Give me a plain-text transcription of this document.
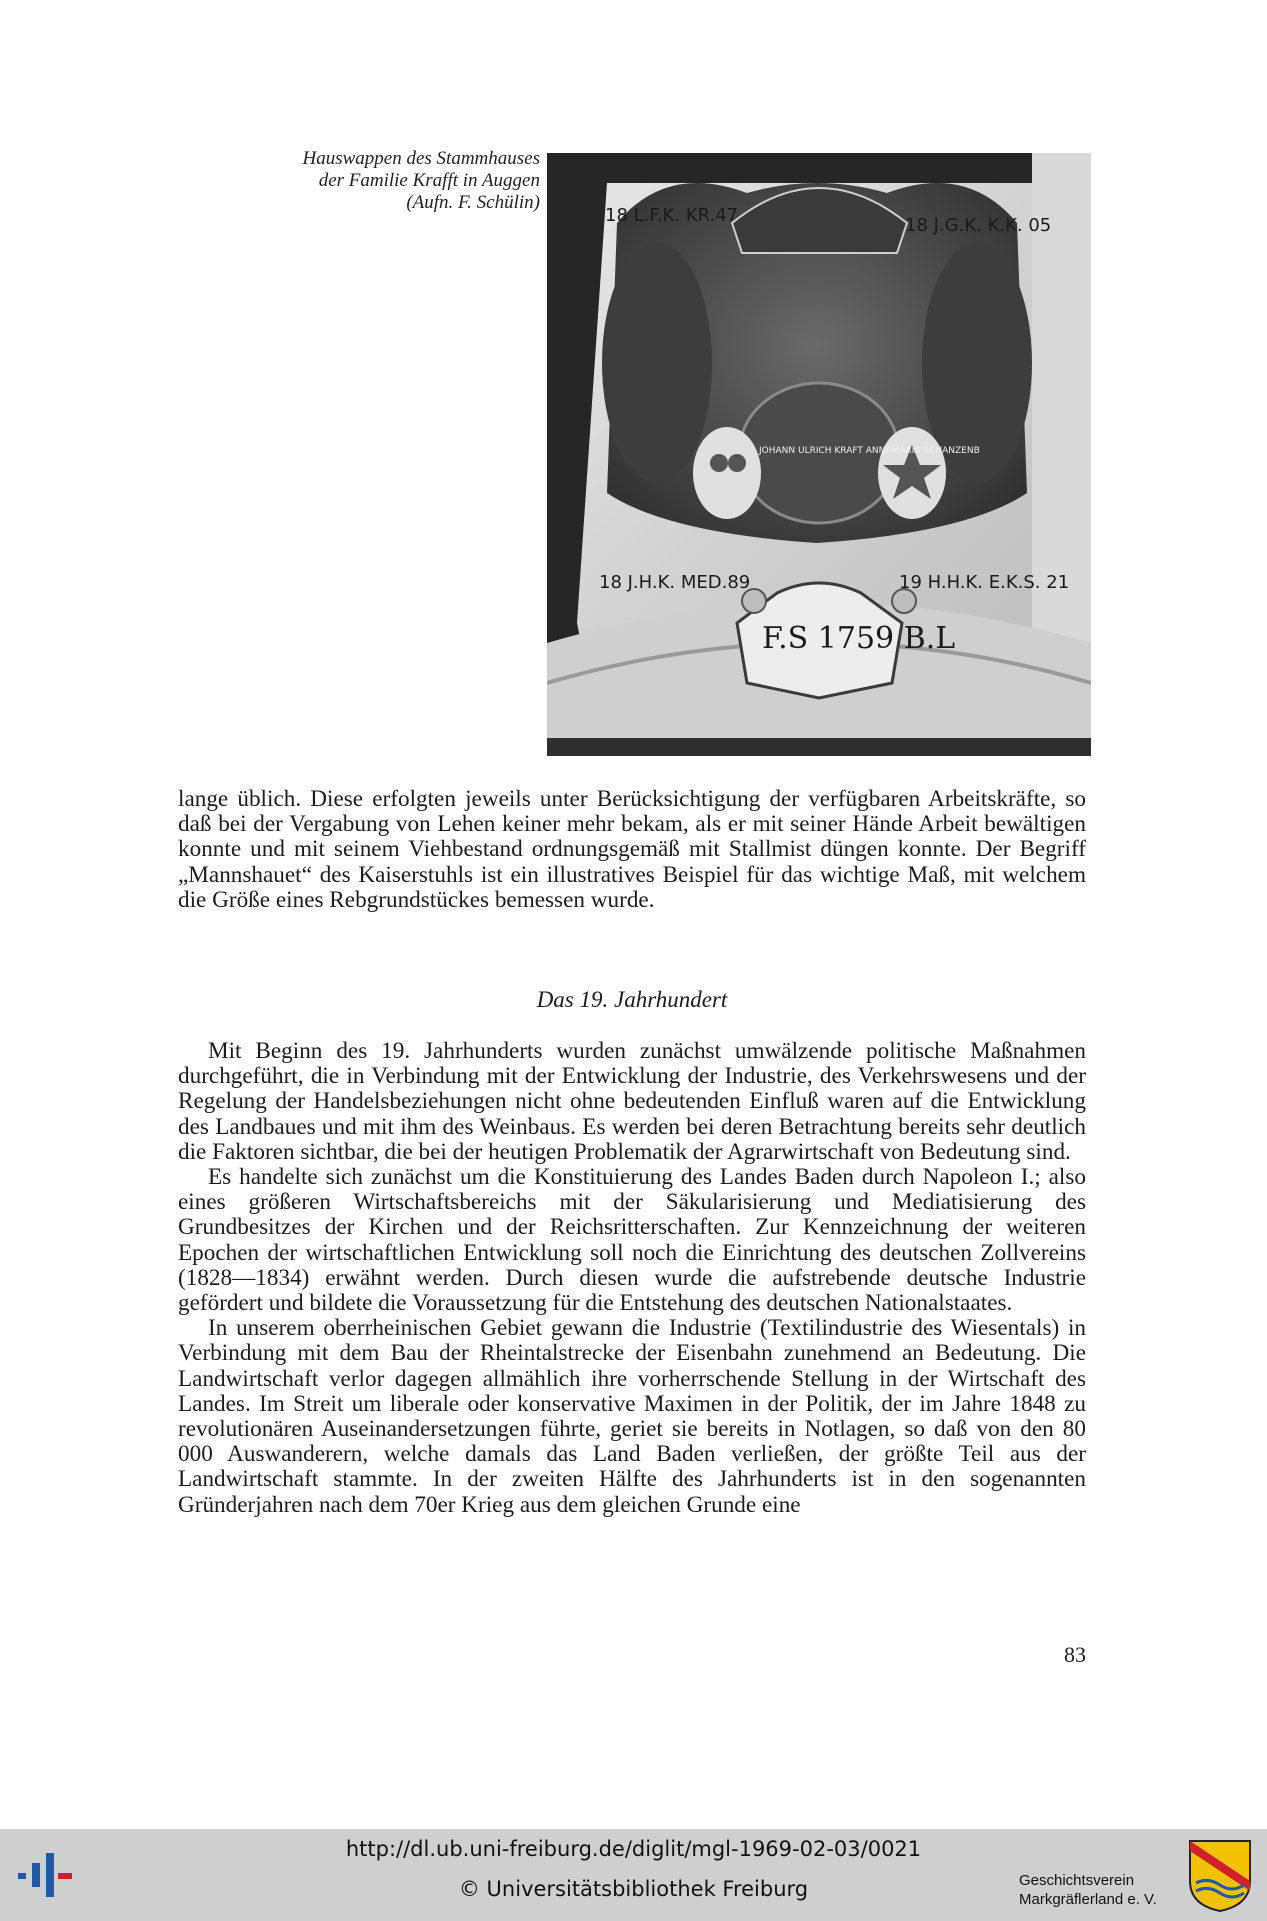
Hauswappen des Stammhauses
der Familie Krafft in Auggen
(Aufn. F. Schülin)
18 L.F.K. KR.47	18 J.G.K. K.K. 05
18 J.H.K. MED.89	19 H.H.K. E.K.S. 21
JOHANN ULRICH KRAFT ANNAMARIA SCHANZENB
F.S 1759 B.L

lange üblich. Diese erfolgten jeweils unter Berücksichtigung der verfügbaren Arbeitskräfte, so daß bei der Vergabung von Lehen keiner mehr bekam, als er mit seiner Hände Arbeit bewältigen konnte und mit seinem Viehbestand ordnungsgemäß mit Stallmist düngen konnte. Der Begriff „Mannshauet“ des Kaiserstuhls ist ein illustratives Beispiel für das wichtige Maß, mit welchem die Größe eines Rebgrundstückes bemessen wurde.

Das 19. Jahrhundert

Mit Beginn des 19. Jahrhunderts wurden zunächst umwälzende politische Maßnahmen durchgeführt, die in Verbindung mit der Entwicklung der Industrie, des Verkehrswesens und der Regelung der Handelsbeziehungen nicht ohne bedeutenden Einfluß waren auf die Entwicklung des Landbaues und mit ihm des Weinbaus. Es werden bei deren Betrachtung bereits sehr deutlich die Faktoren sichtbar, die bei der heutigen Problematik der Agrarwirtschaft von Bedeutung sind.

Es handelte sich zunächst um die Konstituierung des Landes Baden durch Napoleon I.; also eines größeren Wirtschaftsbereichs mit der Säkularisierung und Mediatisierung des Grundbesitzes der Kirchen und der Reichsritterschaften. Zur Kennzeichnung der weiteren Epochen der wirtschaftlichen Entwicklung soll noch die Einrichtung des deutschen Zollvereins (1828—1834) erwähnt werden. Durch diesen wurde die aufstrebende deutsche Industrie gefördert und bildete die Voraussetzung für die Entstehung des deutschen Nationalstaates.

In unserem oberrheinischen Gebiet gewann die Industrie (Textilindustrie des Wiesentals) in Verbindung mit dem Bau der Rheintalstrecke der Eisenbahn zunehmend an Bedeutung. Die Landwirtschaft verlor dagegen allmählich ihre vorherrschende Stellung in der Wirtschaft des Landes. Im Streit um liberale oder konservative Maximen in der Politik, der im Jahre 1848 zu revolutionären Auseinandersetzungen führte, geriet sie bereits in Notlagen, so daß von den 80 000 Auswanderern, welche damals das Land Baden verließen, der größte Teil aus der Landwirtschaft stammte. In der zweiten Hälfte des Jahrhunderts ist in den sogenannten Gründerjahren nach dem 70er Krieg aus dem gleichen Grunde eine

83
http://dl.ub.uni-freiburg.de/diglit/mgl-1969-02-03/0021
© Universitätsbibliothek Freiburg	Geschichtsverein
Markgräflerland e. V.
